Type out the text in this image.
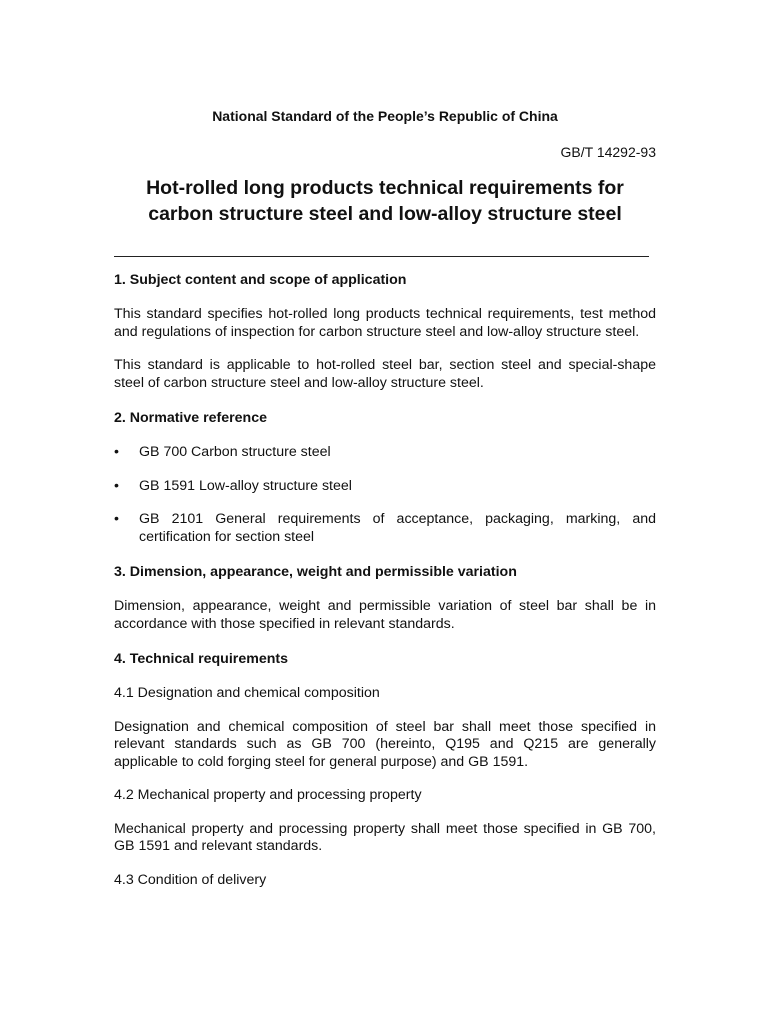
National Standard of the People’s Republic of China
GB/T 14292-93
Hot-rolled long products technical requirements for
carbon structure steel and low-alloy structure steel
1. Subject content and scope of application

This standard specifies hot-rolled long products technical requirements, test method and regulations of inspection for carbon structure steel and low-alloy structure steel.

This standard is applicable to hot-rolled steel bar, section steel and special-shape steel of carbon structure steel and low-alloy structure steel.

2. Normative reference
• GB 700 Carbon structure steel
• GB 1591 Low-alloy structure steel
• GB 2101 General requirements of acceptance, packaging, marking, and certification for section steel
3. Dimension, appearance, weight and permissible variation

Dimension, appearance, weight and permissible variation of steel bar shall be in accordance with those specified in relevant standards.

4. Technical requirements

4.1 Designation and chemical composition

Designation and chemical composition of steel bar shall meet those specified in relevant standards such as GB 700 (hereinto, Q195 and Q215 are generally applicable to cold forging steel for general purpose) and GB 1591.

4.2 Mechanical property and processing property

Mechanical property and processing property shall meet those specified in GB 700, GB 1591 and relevant standards.

4.3 Condition of delivery
